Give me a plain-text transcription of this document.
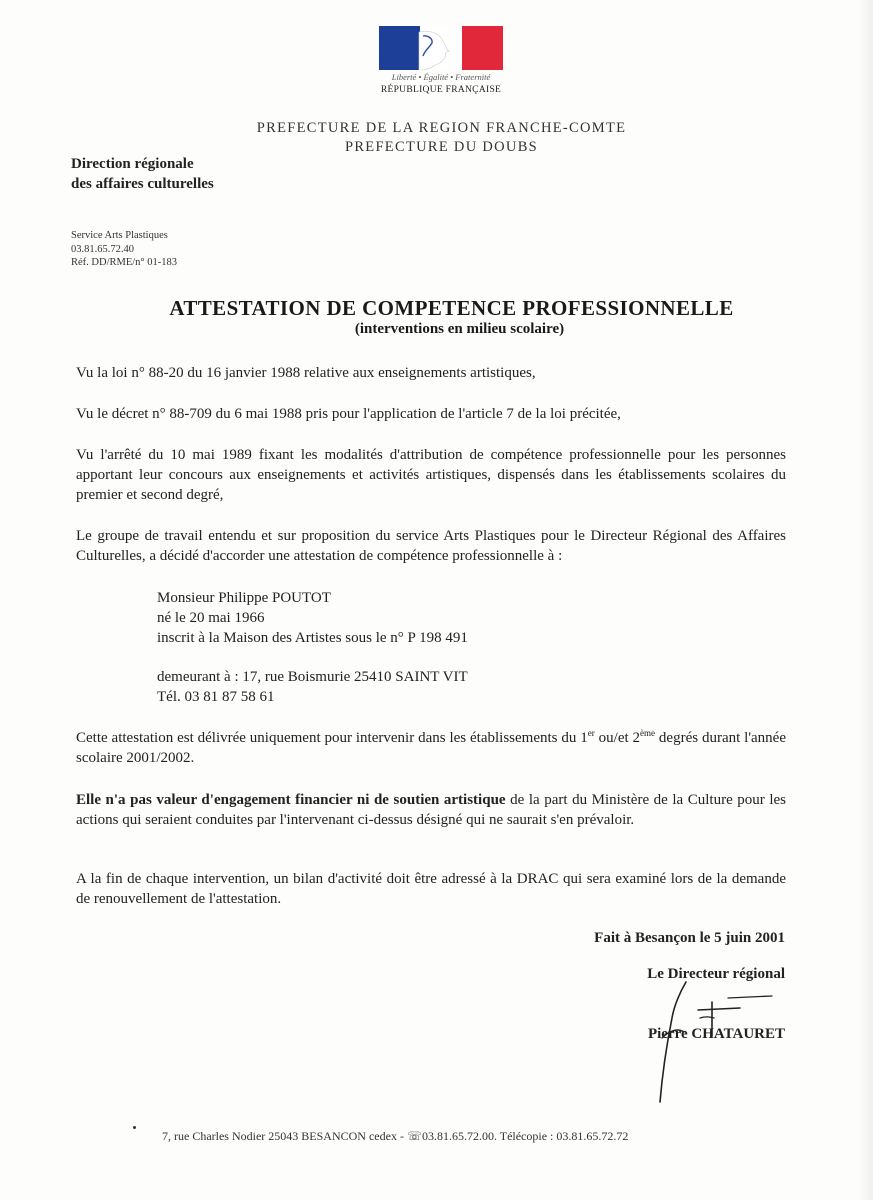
Liberté • Égalité • Fraternité
RÉPUBLIQUE FRANÇAISE
PREFECTURE DE LA REGION FRANCHE-COMTE
PREFECTURE DU DOUBS
Direction régionale
des affaires culturelles
Service Arts Plastiques
03.81.65.72.40
Réf. DD/RME/n° 01-183
ATTESTATION DE COMPETENCE PROFESSIONNELLE
(interventions en milieu scolaire)
Vu la loi n° 88-20 du 16 janvier 1988 relative aux enseignements artistiques,
Vu le décret n° 88-709 du 6 mai 1988 pris pour l'application de l'article 7 de la loi précitée,
Vu l'arrêté du 10 mai 1989 fixant les modalités d'attribution de compétence professionnelle pour les personnes apportant leur concours aux enseignements et activités artistiques, dispensés dans les établissements scolaires du premier et second degré,
Le groupe de travail entendu et sur proposition du service Arts Plastiques pour le Directeur Régional des Affaires Culturelles, a décidé d'accorder une attestation de compétence professionnelle à :
Monsieur Philippe POUTOT
né le 20 mai 1966
inscrit à la Maison des Artistes sous le n° P 198 491
demeurant à : 17, rue Boismurie 25410 SAINT VIT
Tél. 03 81 87 58 61
Cette attestation est délivrée uniquement pour intervenir dans les établissements du 1er ou/et 2ème degrés durant l'année scolaire 2001/2002.
Elle n'a pas valeur d'engagement financier ni de soutien artistique de la part du Ministère de la Culture pour les actions qui seraient conduites par l'intervenant ci-dessus désigné qui ne saurait s'en prévaloir.
A la fin de chaque intervention, un bilan d'activité doit être adressé à la DRAC qui sera examiné lors de la demande de renouvellement de l'attestation.
Fait à Besançon le 5 juin 2001
Le Directeur régional
Pierre CHATAURET
7, rue Charles Nodier 25043 BESANCON cedex - ☏03.81.65.72.00. Télécopie : 03.81.65.72.72
